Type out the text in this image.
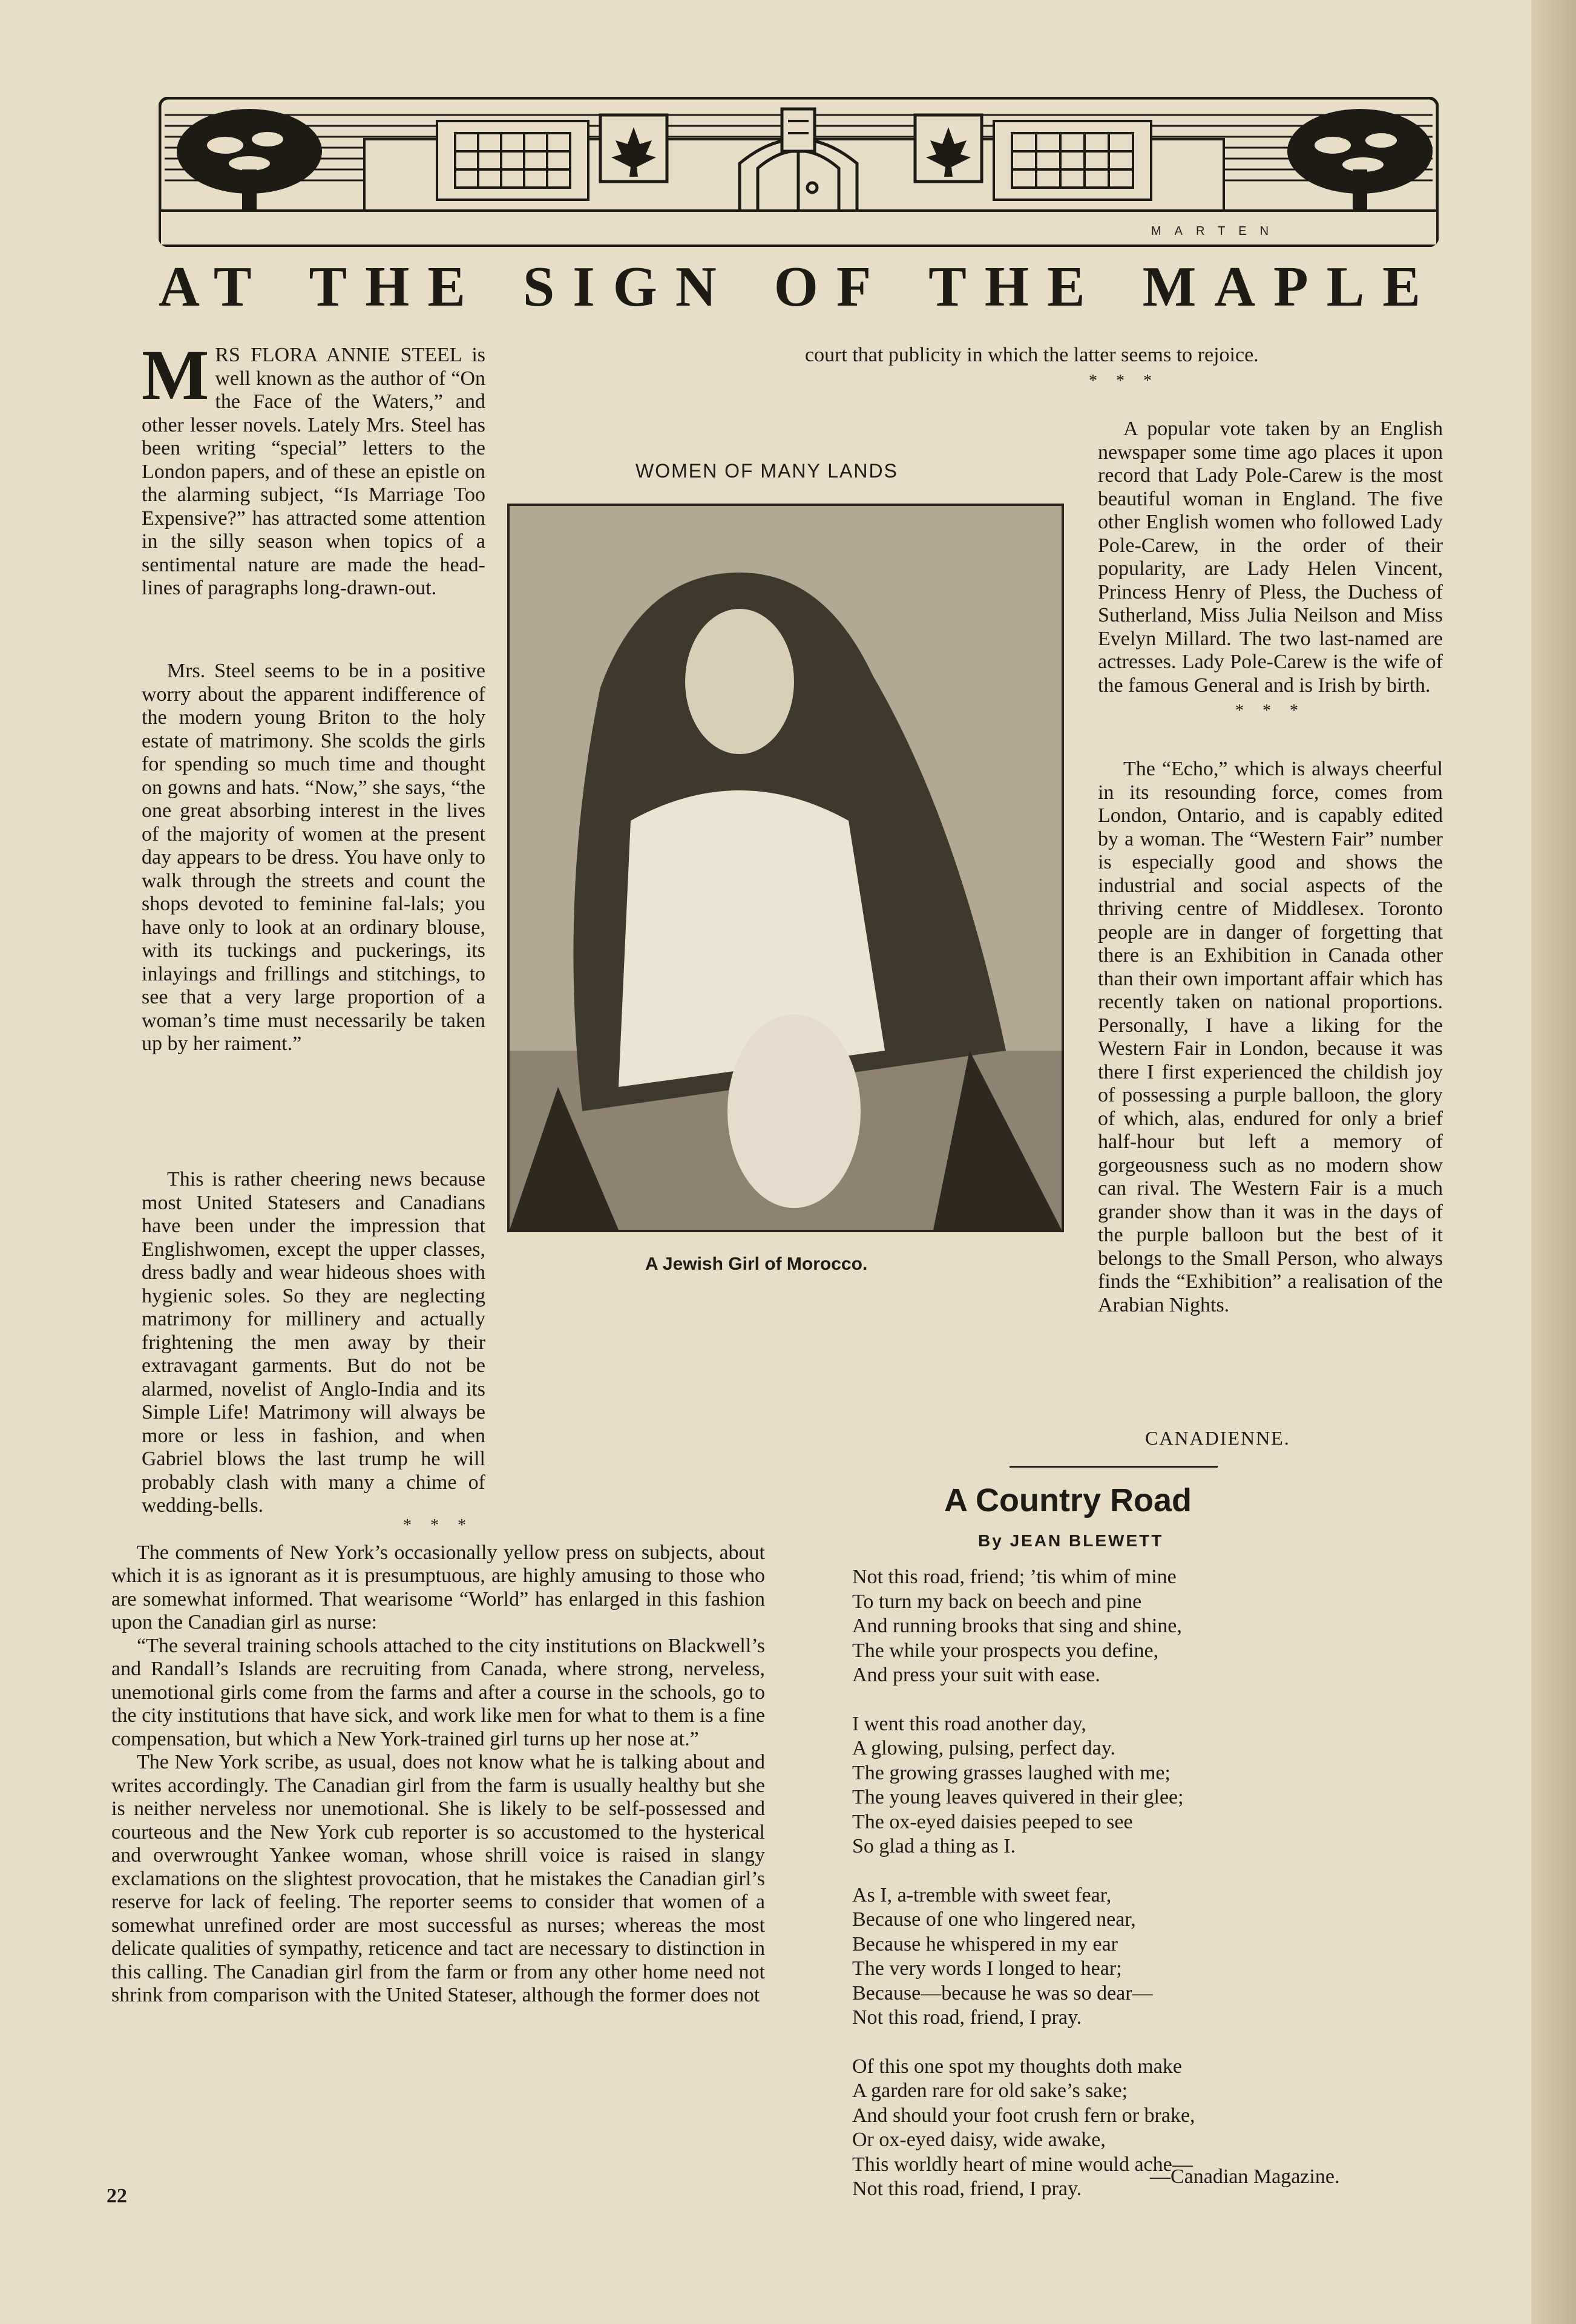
MARTEN
AT THE SIGN OF THE MAPLE

MRS FLORA ANNIE STEEL is well known as the author of “On the Face of the Waters,” and other lesser novels. Lately Mrs. Steel has been writing “special” letters to the London papers, and of these an epistle on the alarming subject, “Is Marriage Too Expensive?” has attracted some attention in the silly season when topics of a sentimental nature are made the head-lines of paragraphs long-drawn-out.

Mrs. Steel seems to be in a positive worry about the apparent indifference of the modern young Briton to the holy estate of matrimony. She scolds the girls for spending so much time and thought on gowns and hats. “Now,” she says, “the one great absorbing interest in the lives of the majority of women at the present day appears to be dress. You have only to walk through the streets and count the shops devoted to feminine fal-lals; you have only to look at an ordinary blouse, with its tuckings and puckerings, its inlayings and frillings and stitchings, to see that a very large proportion of a woman’s time must necessarily be taken up by her raiment.”

This is rather cheering news because most United Statesers and Canadians have been under the impression that Englishwomen, except the upper classes, dress badly and wear hideous shoes with hygienic soles. So they are neglecting matrimony for millinery and actually frightening the men away by their extravagant garments. But do not be alarmed, novelist of Anglo-India and its Simple Life! Matrimony will always be more or less in fashion, and when Gabriel blows the last trump he will probably clash with many a chime of wedding-bells.

* * *

The comments of New York’s occasionally yellow press on subjects, about which it is as ignorant as it is presumptuous, are highly amusing to those who are somewhat informed. That wearisome “World” has enlarged in this fashion upon the Canadian girl as nurse:

“The several training schools attached to the city institutions on Blackwell’s and Randall’s Islands are recruiting from Canada, where strong, nerveless, unemotional girls come from the farms and after a course in the schools, go to the city institutions that have sick, and work like men for what to them is a fine compensation, but which a New York-trained girl turns up her nose at.”

The New York scribe, as usual, does not know what he is talking about and writes accordingly. The Canadian girl from the farm is usually healthy but she is neither nerveless nor unemotional. She is likely to be self-possessed and courteous and the New York cub reporter is so accustomed to the hysterical and overwrought Yankee woman, whose shrill voice is raised in slangy exclamations on the slightest provocation, that he mistakes the Canadian girl’s reserve for lack of feeling. The reporter seems to consider that women of a somewhat unrefined order are most successful as nurses; whereas the most delicate qualities of sympathy, reticence and tact are necessary to distinction in this calling. The Canadian girl from the farm or from any other home need not shrink from comparison with the United Stateser, although the former does not

court that publicity in which the latter seems to rejoice.

* * *

A popular vote taken by an English newspaper some time ago places it upon record that Lady Pole-Carew is the most beautiful woman in England. The five other English women who followed Lady Pole-Carew, in the order of their popularity, are Lady Helen Vincent, Princess Henry of Pless, the Duchess of Sutherland, Miss Julia Neilson and Miss Evelyn Millard. The two last-named are actresses. Lady Pole-Carew is the wife of the famous General and is Irish by birth.

* * *

The “Echo,” which is always cheerful in its resounding force, comes from London, Ontario, and is capably edited by a woman. The “Western Fair” number is especially good and shows the industrial and social aspects of the thriving centre of Middlesex. Toronto people are in danger of forgetting that there is an Exhibition in Canada other than their own important affair which has recently taken on national proportions. Personally, I have a liking for the Western Fair in London, because it was there I first experienced the childish joy of possessing a purple balloon, the glory of which, alas, endured for only a brief half-hour but left a memory of gorgeousness such as no modern show can rival. The Western Fair is a much grander show than it was in the days of the purple balloon but the best of it belongs to the Small Person, who always finds the “Exhibition” a realisation of the Arabian Nights.

CANADIENNE.
WOMEN OF MANY LANDS
A Jewish Girl of Morocco.
A Country Road
By JEAN BLEWETT
Not this road, friend; ’tis whim of mine
To turn my back on beech and pine
And running brooks that sing and shine,
The while your prospects you define,
And press your suit with ease.
I went this road another day,
A glowing, pulsing, perfect day.
The growing grasses laughed with me;
The young leaves quivered in their glee;
The ox-eyed daisies peeped to see
So glad a thing as I.
As I, a-tremble with sweet fear,
Because of one who lingered near,
Because he whispered in my ear
The very words I longed to hear;
Because—because he was so dear—
Not this road, friend, I pray.
Of this one spot my thoughts doth make
A garden rare for old sake’s sake;
And should your foot crush fern or brake,
Or ox-eyed daisy, wide awake,
This worldly heart of mine would ache—
Not this road, friend, I pray.
—Canadian Magazine.
22
